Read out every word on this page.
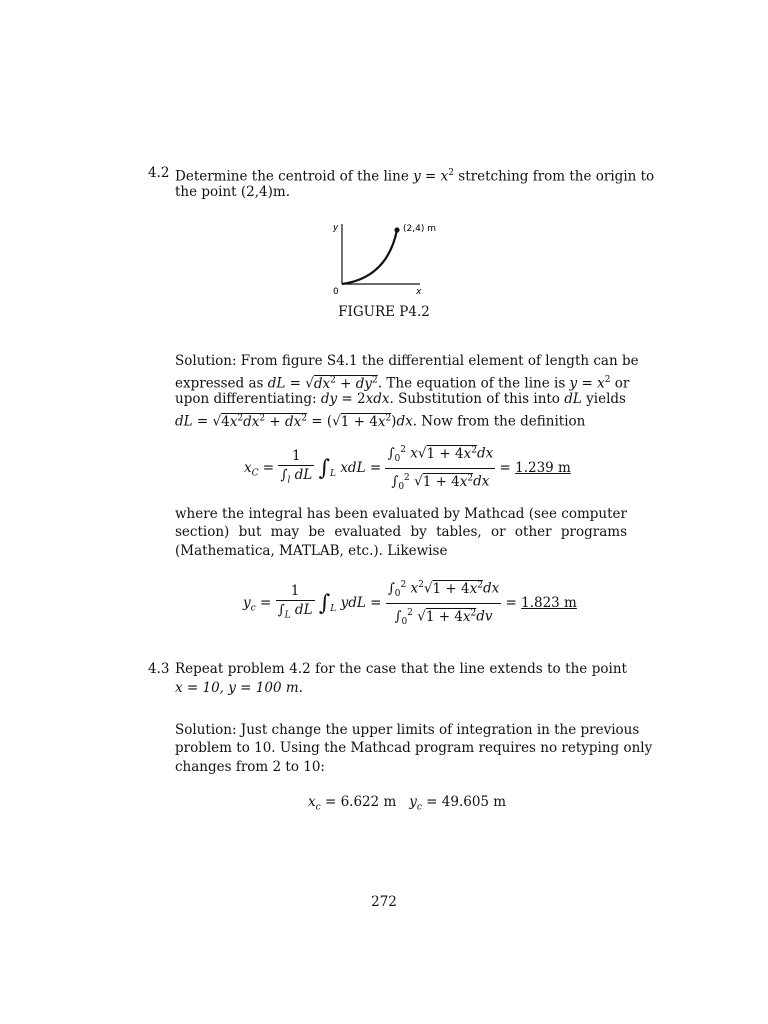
4.2 Determine the centroid of the line $y = x^2$ stretching from the origin to
the point (2,4)m.
y	(2,4) m
0	x
FIGURE P4.2
Solution: From figure S4.1 the differential element of length can be
expressed as dL = $√dx^2 + dy^2$. The equation of the line is $y = x^2$ or
upon differentiating: dy = 2xdx. Substitution of this into dL yields
dL = $√4x^2dx^2 + dx^2 = (√1 + 4x^2)dx$. Now from the definition
$x_C = \frac{1}{\int_l dL} \int_L$ xdL = $\frac{\int_0^2 x√1 + 4x^2dx}{\int_0^2 √1 + 4x^2dx} = 1.239$ m
where the integral has been evaluated by Mathcad (see computer
section) but may be evaluated by tables, or other programs
(Mathematica, MATLAB, etc.). Likewise
$y_c = \frac{1}{\int_L dL} \int_L$ ydL = $\frac{\int_0^2 x^2√1 + 4x^2dx}{\int_0^2 √1 + 4x^2dv} = 1.823$ m
4.3 Repeat problem 4.2 for the case that the line extends to the point
x = 10, y = 100 m.
Solution: Just change the upper limits of integration in the previous
problem to 10. Using the Mathcad program requires no retyping only
changes from 2 to 10:
$x_c = 6.622$ m $y_c = 49.605$ m
272
